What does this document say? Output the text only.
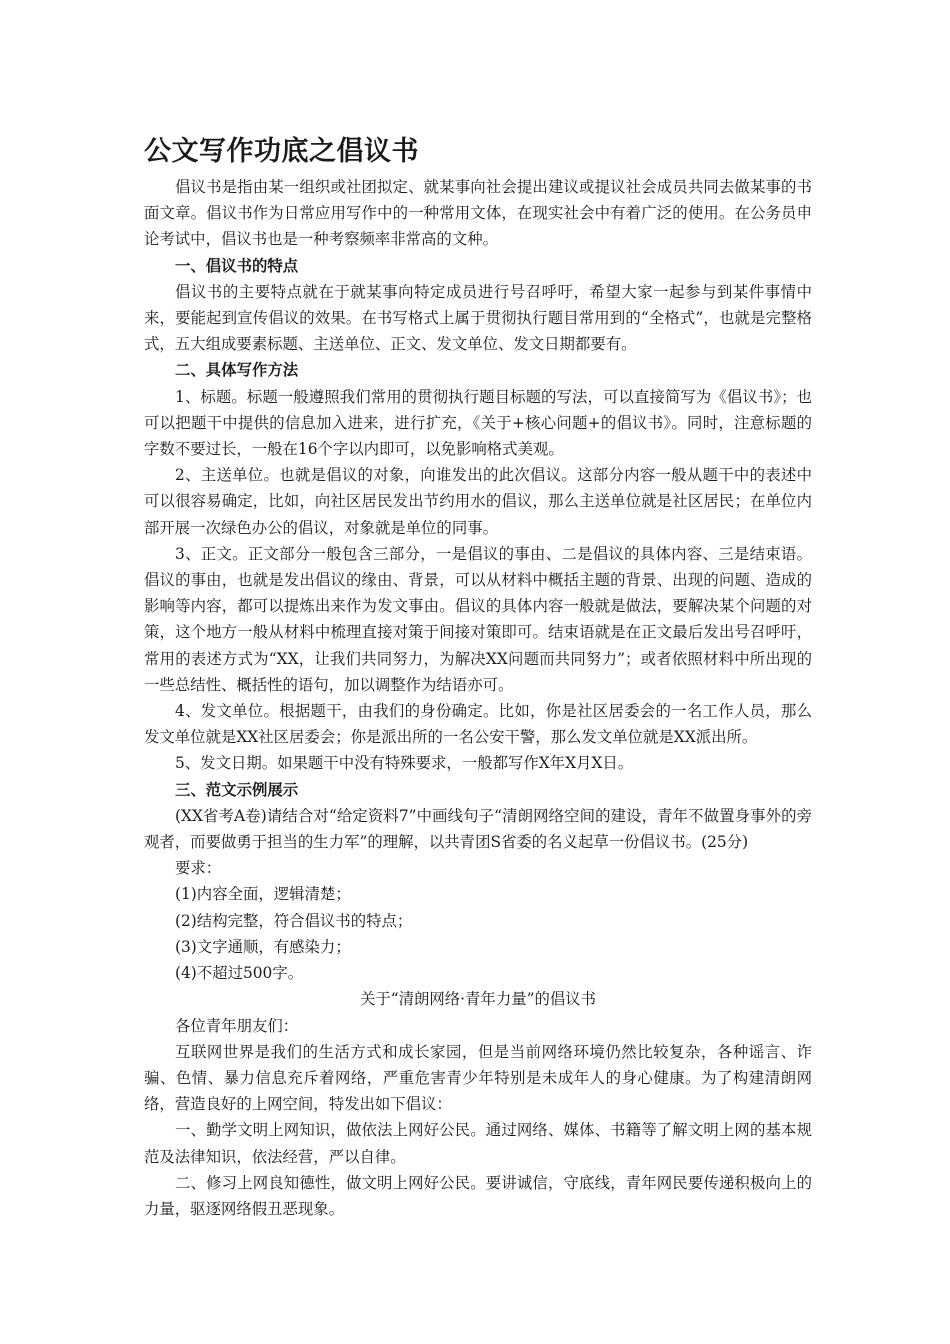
公文写作功底之倡议书

倡议书是指由某一组织或社团拟定、就某事向社会提出建议或提议社会成员共同去做某事的书面文章。倡议书作为日常应用写作中的一种常用文体，在现实社会中有着广泛的使用。在公务员申论考试中，倡议书也是一种考察频率非常高的文种。

一、倡议书的特点

倡议书的主要特点就在于就某事向特定成员进行号召呼吁，希望大家一起参与到某件事情中来，要能起到宣传倡议的效果。在书写格式上属于贯彻执行题目常用到的“全格式”，也就是完整格式，五大组成要素标题、主送单位、正文、发文单位、发文日期都要有。

二、具体写作方法

1、标题。标题一般遵照我们常用的贯彻执行题目标题的写法，可以直接简写为《倡议书》；也可以把题干中提供的信息加入进来，进行扩充，《关于+核心问题+的倡议书》。同时，注意标题的字数不要过长，一般在16个字以内即可，以免影响格式美观。

2、主送单位。也就是倡议的对象，向谁发出的此次倡议。这部分内容一般从题干中的表述中可以很容易确定，比如，向社区居民发出节约用水的倡议，那么主送单位就是社区居民；在单位内部开展一次绿色办公的倡议，对象就是单位的同事。

3、正文。正文部分一般包含三部分，一是倡议的事由、二是倡议的具体内容、三是结束语。倡议的事由，也就是发出倡议的缘由、背景，可以从材料中概括主题的背景、出现的问题、造成的影响等内容，都可以提炼出来作为发文事由。倡议的具体内容一般就是做法，要解决某个问题的对策，这个地方一般从材料中梳理直接对策于间接对策即可。结束语就是在正文最后发出号召呼吁，常用的表述方式为“XX，让我们共同努力，为解决XX问题而共同努力”；或者依照材料中所出现的一些总结性、概括性的语句，加以调整作为结语亦可。

4、发文单位。根据题干，由我们的身份确定。比如，你是社区居委会的一名工作人员，那么发文单位就是XX社区居委会；你是派出所的一名公安干警，那么发文单位就是XX派出所。

5、发文日期。如果题干中没有特殊要求，一般都写作X年X月X日。

三、范文示例展示

(XX省考A卷)请结合对“给定资料7”中画线句子“清朗网络空间的建设，青年不做置身事外的旁观者，而要做勇于担当的生力军”的理解，以共青团S省委的名义起草一份倡议书。(25分)

要求：

(1)内容全面，逻辑清楚；

(2)结构完整，符合倡议书的特点；

(3)文字通顺，有感染力；

(4)不超过500字。

关于“清朗网络·青年力量”的倡议书

各位青年朋友们：

互联网世界是我们的生活方式和成长家园，但是当前网络环境仍然比较复杂，各种谣言、诈骗、色情、暴力信息充斥着网络，严重危害青少年特别是未成年人的身心健康。为了构建清朗网络，营造良好的上网空间，特发出如下倡议：

一、勤学文明上网知识，做依法上网好公民。通过网络、媒体、书籍等了解文明上网的基本规范及法律知识，依法经营，严以自律。

二、修习上网良知德性，做文明上网好公民。要讲诚信，守底线，青年网民要传递积极向上的力量，驱逐网络假丑恶现象。
